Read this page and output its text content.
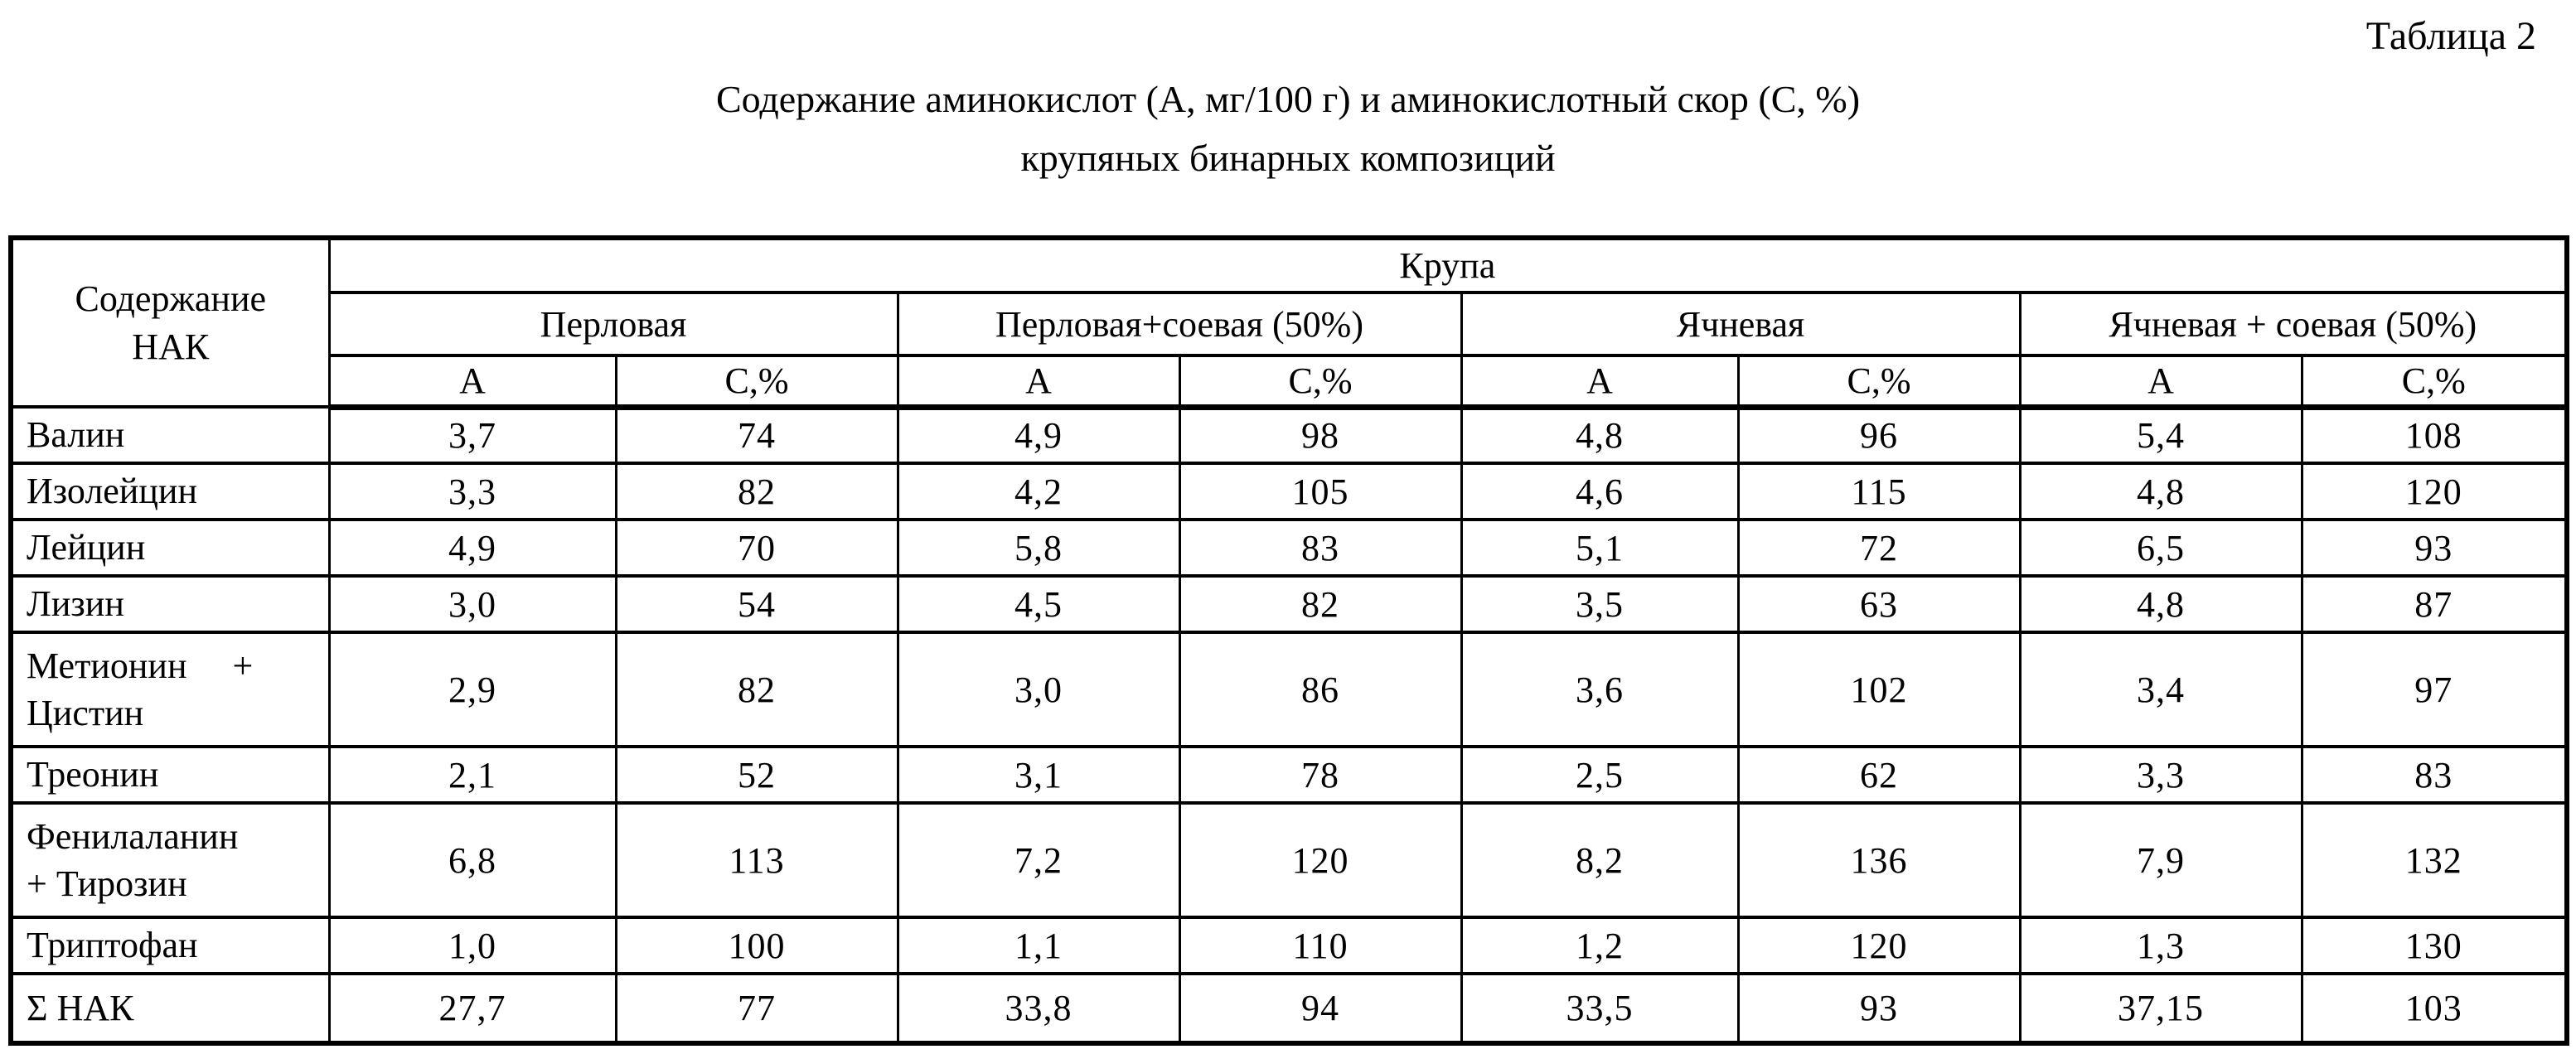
Таблица 2
Содержание аминокислот (А, мг/100 г) и аминокислотный скор (С, %)
крупяных бинарных композиций
Содержание
НАК	Крупа							
	Перловая		Перловая+соевая (50%)		Ячневая		Ячневая + соевая (50%)	
	А	С,%	А	С,%	А	С,%	А	С,%
Валин	3,7	74	4,9	98	4,8	96	5,4	108
Изолейцин	3,3	82	4,2	105	4,6	115	4,8	120
Лейцин	4,9	70	5,8	83	5,1	72	6,5	93
Лизин	3,0	54	4,5	82	3,5	63	4,8	87
Метионин     +
Цистин	2,9	82	3,0	86	3,6	102	3,4	97
Треонин	2,1	52	3,1	78	2,5	62	3,3	83
Фенилаланин
+ Тирозин	6,8	113	7,2	120	8,2	136	7,9	132
Триптофан	1,0	100	1,1	110	1,2	120	1,3	130
Σ НАК	27,7	77	33,8	94	33,5	93	37,15	103
